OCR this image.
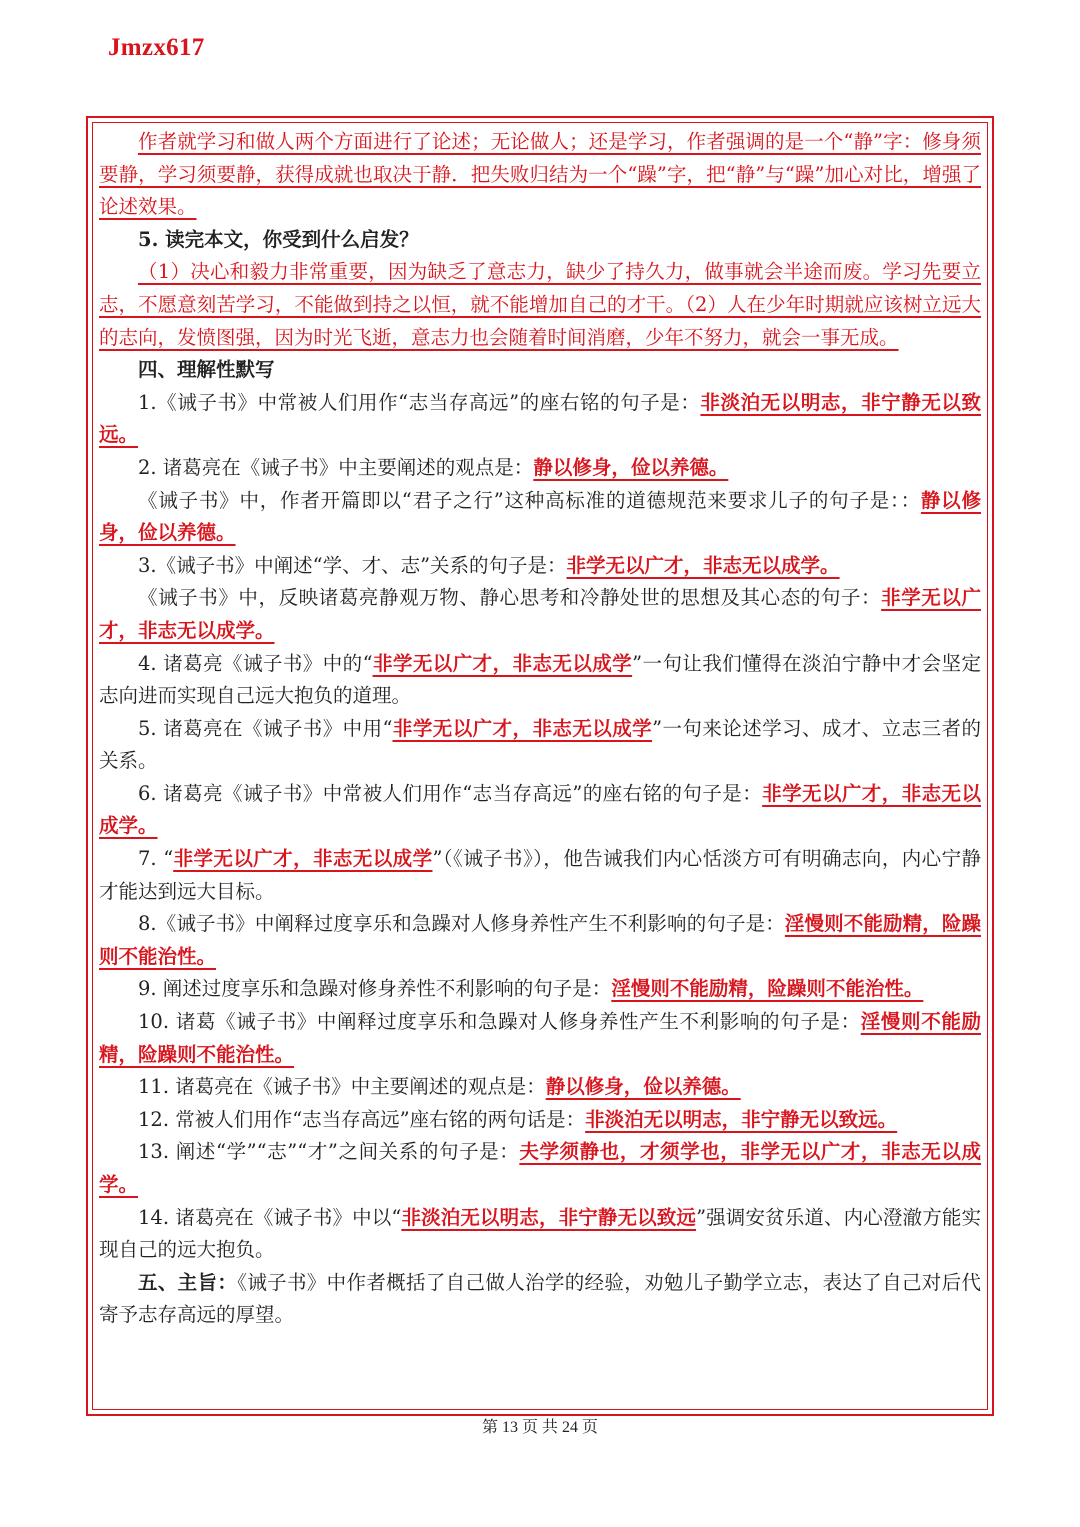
Jmzx617

作者就学习和做人两个方面进行了论述；无论做人；还是学习，作者强调的是一个“静”字：修身须要静，学习须要静，获得成就也取决于静．把失败归结为一个“躁”字，把“静”与“躁”加心对比，增强了论述效果。

5. 读完本文，你受到什么启发？

（1）决心和毅力非常重要，因为缺乏了意志力，缺少了持久力，做事就会半途而废。学习先要立志，不愿意刻苦学习，不能做到持之以恒，就不能增加自己的才干。（2）人在少年时期就应该树立远大的志向，发愤图强，因为时光飞逝，意志力也会随着时间消磨，少年不努力，就会一事无成。

四、理解性默写

1.《诫子书》中常被人们用作“志当存高远”的座右铭的句子是：非淡泊无以明志，非宁静无以致远。

2. 诸葛亮在《诫子书》中主要阐述的观点是：静以修身，俭以养德。

《诫子书》中，作者开篇即以“君子之行”这种高标准的道德规范来要求儿子的句子是：：静以修身，俭以养德。

3.《诫子书》中阐述“学、才、志”关系的句子是：非学无以广才，非志无以成学。

《诫子书》中，反映诸葛亮静观万物、静心思考和冷静处世的思想及其心态的句子：非学无以广才，非志无以成学。

4. 诸葛亮《诫子书》中的“非学无以广才，非志无以成学”一句让我们懂得在淡泊宁静中才会坚定志向进而实现自己远大抱负的道理。

5. 诸葛亮在《诫子书》中用“非学无以广才，非志无以成学”一句来论述学习、成才、立志三者的关系。

6. 诸葛亮《诫子书》中常被人们用作“志当存高远”的座右铭的句子是：非学无以广才，非志无以成学。

7. “非学无以广才，非志无以成学”（《诫子书》），他告诫我们内心恬淡方可有明确志向，内心宁静才能达到远大目标。

8.《诫子书》中阐释过度享乐和急躁对人修身养性产生不利影响的句子是：淫慢则不能励精，险躁则不能治性。

9. 阐述过度享乐和急躁对修身养性不利影响的句子是：淫慢则不能励精，险躁则不能治性。

10. 诸葛《诫子书》中阐释过度享乐和急躁对人修身养性产生不利影响的句子是：淫慢则不能励精，险躁则不能治性。

11. 诸葛亮在《诫子书》中主要阐述的观点是：静以修身，俭以养德。

12. 常被人们用作“志当存高远”座右铭的两句话是：非淡泊无以明志，非宁静无以致远。

13. 阐述“学”“志”“才”之间关系的句子是：夫学须静也，才须学也，非学无以广才，非志无以成学。

14. 诸葛亮在《诫子书》中以“非淡泊无以明志，非宁静无以致远”强调安贫乐道、内心澄澈方能实现自己的远大抱负。

五、主旨：《诫子书》中作者概括了自己做人治学的经验，劝勉儿子勤学立志，表达了自己对后代寄予志存高远的厚望。

第 13 页 共 24 页
